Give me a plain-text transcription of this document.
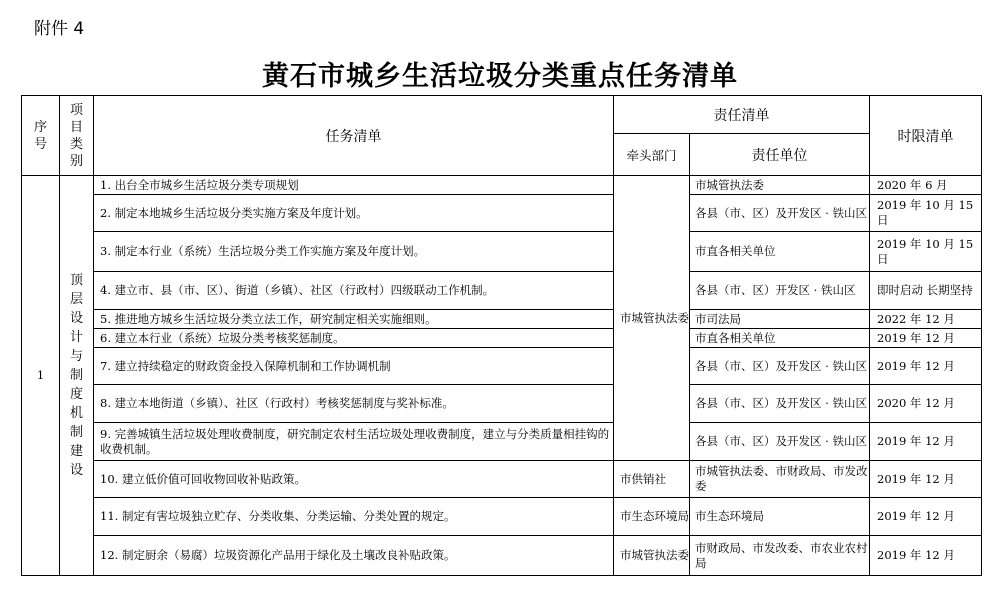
附件 4
黄石市城乡生活垃圾分类重点任务清单
序号	项目类别	任务清单	责任清单		时限清单
			牵头部门	责任单位	
1	顶层设计与制度机制建设	1. 出台全市城乡生活垃圾分类专项规划	市城管执法委	市城管执法委	2020 年 6 月
		2. 制定本地城乡生活垃圾分类实施方案及年度计划。		各县（市、区）及开发区 · 铁山区	2019 年 10 月 15 日
		3. 制定本行业（系统）生活垃圾分类工作实施方案及年度计划。		市直各相关单位	2019 年 10 月 15 日
		4. 建立市、县（市、区）、街道（乡镇）、社区（行政村）四级联动工作机制。		各县（市、区）开发区 · 铁山区	即时启动 长期坚持
		5. 推进地方城乡生活垃圾分类立法工作，研究制定相关实施细则。		市司法局	2022 年 12 月
		6. 建立本行业（系统）垃圾分类考核奖惩制度。		市直各相关单位	2019 年 12 月
		7. 建立持续稳定的财政资金投入保障机制和工作协调机制		各县（市、区）及开发区 · 铁山区	2019 年 12 月
		8. 建立本地街道（乡镇）、社区（行政村）考核奖惩制度与奖补标准。		各县（市、区）及开发区 · 铁山区	2020 年 12 月
		9. 完善城镇生活垃圾处理收费制度，研究制定农村生活垃圾处理收费制度，建立与分类质量相挂钩的收费机制。		各县（市、区）及开发区 · 铁山区	2019 年 12 月
		10. 建立低价值可回收物回收补贴政策。	市供销社	市城管执法委、市财政局、市发改委	2019 年 12 月
		11. 制定有害垃圾独立贮存、分类收集、分类运输、分类处置的规定。	市生态环境局	市生态环境局	2019 年 12 月
		12. 制定厨余（易腐）垃圾资源化产品用于绿化及土壤改良补贴政策。	市城管执法委	市财政局、市发改委、市农业农村局	2019 年 12 月
